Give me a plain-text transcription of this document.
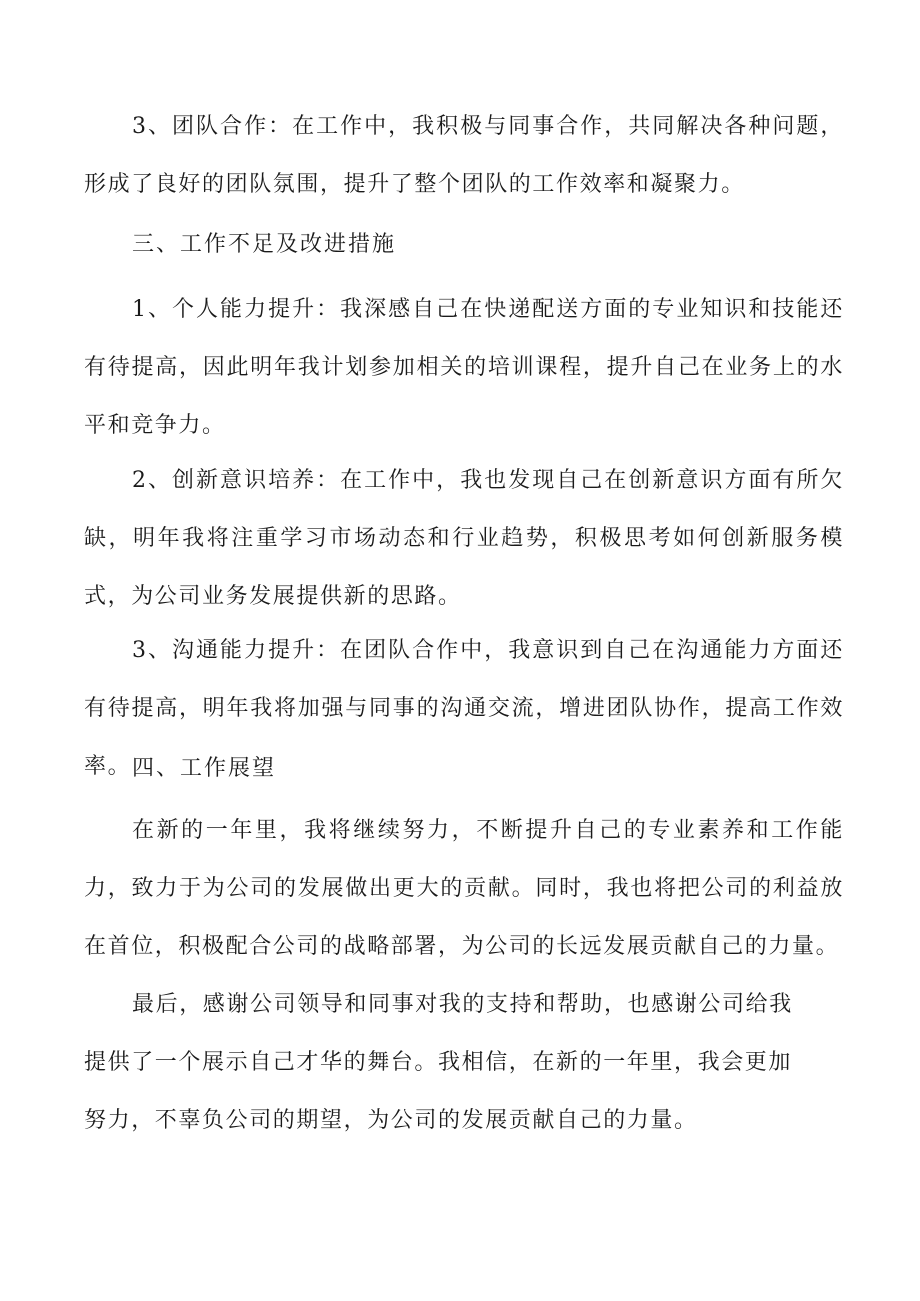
3、团队合作：在工作中，我积极与同事合作，共同解决各种问题，形成了良好的团队氛围，提升了整个团队的工作效率和凝聚力。

三、工作不足及改进措施

1、个人能力提升：我深感自己在快递配送方面的专业知识和技能还有待提高，因此明年我计划参加相关的培训课程，提升自己在业务上的水平和竞争力。

2、创新意识培养：在工作中，我也发现自己在创新意识方面有所欠缺，明年我将注重学习市场动态和行业趋势，积极思考如何创新服务模式，为公司业务发展提供新的思路。

3、沟通能力提升：在团队合作中，我意识到自己在沟通能力方面还有待提高，明年我将加强与同事的沟通交流，增进团队协作，提高工作效率。 四、工作展望

在新的一年里，我将继续努力，不断提升自己的专业素养和工作能力，致力于为公司的发展做出更大的贡献。同时，我也将把公司的利益放在首位，积极配合公司的战略部署，为公司的长远发展贡献自己的力量。

最后，感谢公司领导和同事对我的支持和帮助，也感谢公司给我提供了一个展示自己才华的舞台。我相信，在新的一年里，我会更加努力，不辜负公司的期望，为公司的发展贡献自己的力量。
